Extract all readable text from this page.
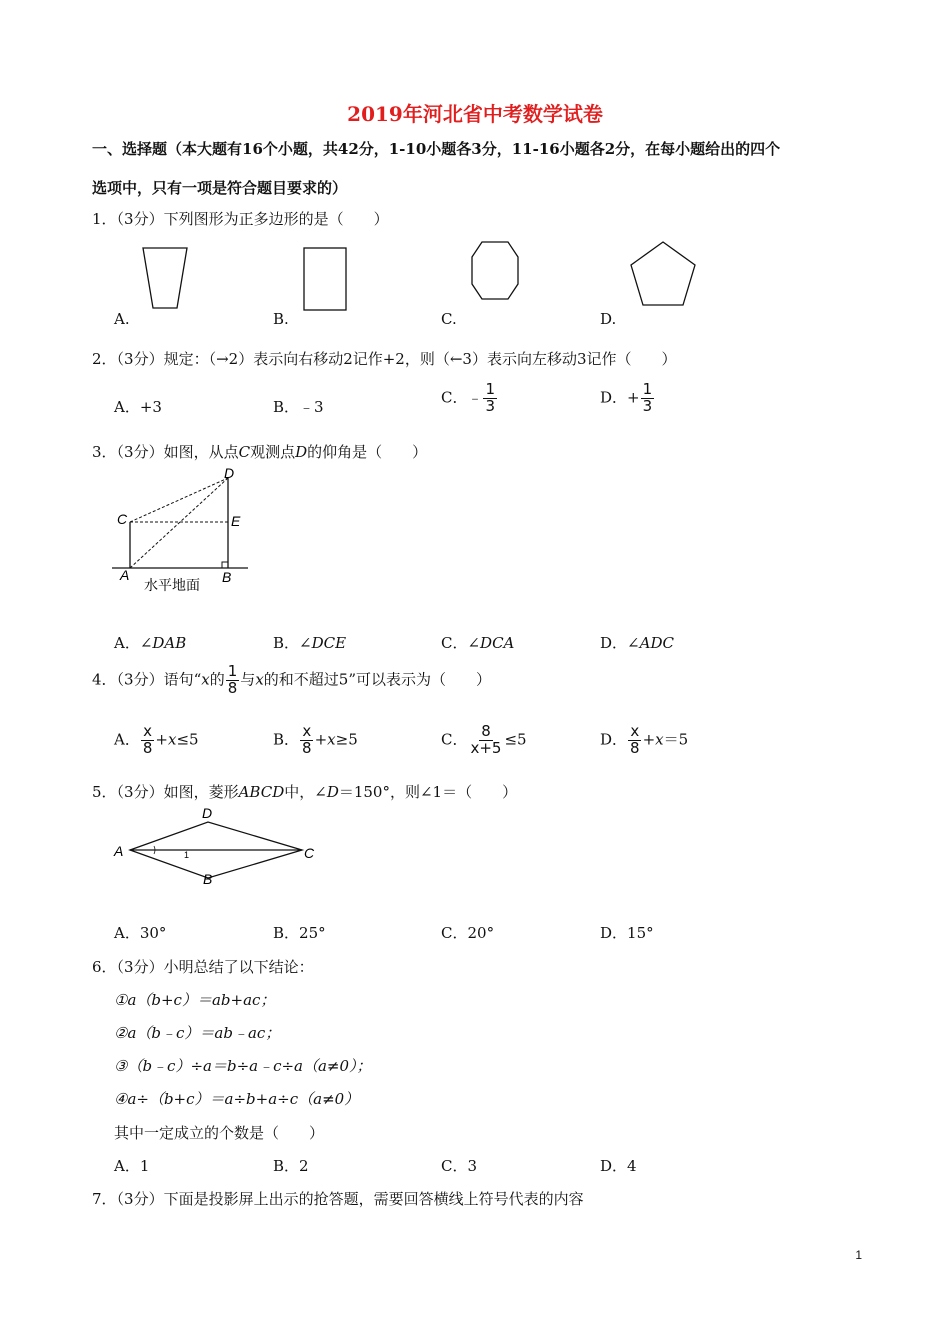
2019年河北省中考数学试卷
一、选择题（本大题有16个小题，共42分，1-10小题各3分，11-16小题各2分，在每小题给出的四个
选项中，只有一项是符合题目要求的）
1．（3分）下列图形为正多边形的是（　　）
A.	B.	C.	D.
2．（3分）规定：（→2）表示向右移动2记作+2，则（←3）表示向左移动3记作（　　）
A．+3	B．﹣3
C．﹣ $\frac{1}{3}$	D．+ $\frac{1}{3}$
3．（3分）如图，从点C观测点D的仰角是（　　）
D
C	E
A	B
水平地面
A．∠DAB	B．∠DCE	C．∠DCA	D．∠ADC
4．（3分）语句“x的 $\frac{1}{8}$ 与x的和不超过5”可以表示为（　　）
A． $\frac{x}{8} +x\le 5$	B． $\frac{x}{8} +x\ge 5$	C． $\frac{8}{x+5} \le 5$	D． $\frac{x}{8} +x=5$
5．（3分）如图，菱形ABCD中，∠D＝150°，则∠1＝（　　）
D
A	C
B
1
A．30°	B．25°	C．20°	D．15°
6．（3分）小明总结了以下结论：
①a（b+c）＝ab+ac；
②a（b﹣c）＝ab﹣ac；
③（b﹣c）÷a＝b÷a﹣c÷a（a≠0）；
④a÷（b+c）＝a÷b+a÷c（a≠0）
其中一定成立的个数是（　　）
A．1	B．2	C．3	D．4
7．（3分）下面是投影屏上出示的抢答题，需要回答横线上符号代表的内容
1
